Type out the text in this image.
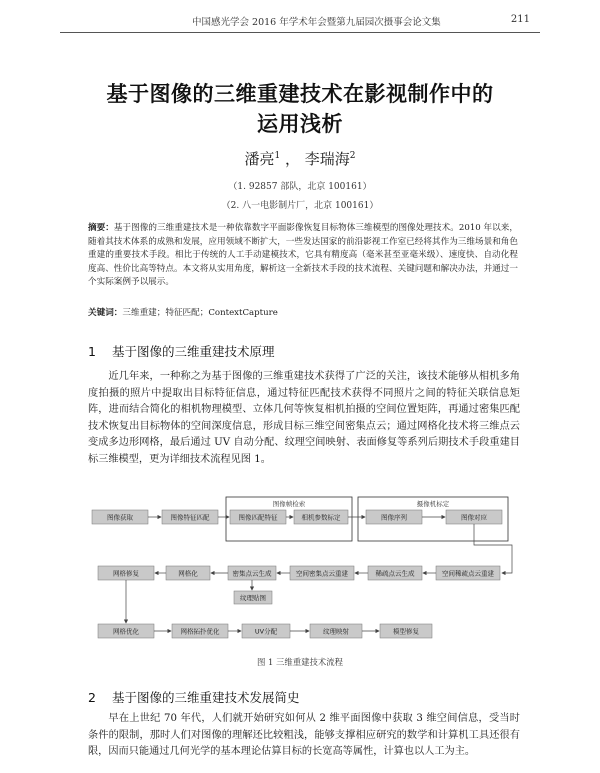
中国感光学会 2016 年学术年会暨第九届园次摄事会论文集	211
基于图像的三维重建技术在影视制作中的
运用浅析
潘亮$^1$ ， 李瑞海$^2$
（1. 92857 部队，北京 100161）
（2. 八一电影制片厂，北京 100161）
摘要：基于图像的三维重建技术是一种依靠数字平面影像恢复目标物体三维模型的图像处理技术。2010 年以来，随着其技术体系的成熟和发展，应用领域不断扩大，一些发达国家的前沿影视工作室已经将其作为三维场景和角色重建的重要技术手段。相比于传统的人工手动建模技术，它具有精度高（毫米甚至亚毫米级）、速度快、自动化程度高、性价比高等特点。本文将从实用角度，解析这一全新技术手段的技术流程、关键问题和解决办法，并通过一个实际案例予以展示。
关键词：三维重建；特征匹配；ContextCapture
1 基于图像的三维重建技术原理
近几年来，一种称之为基于图像的三维重建技术获得了广泛的关注，该技术能够从相机多角度拍摄的照片中提取出目标特征信息，通过特征匹配技术获得不同照片之间的特征关联信息矩阵，进而结合简化的相机物理模型、立体几何等恢复相机拍摄的空间位置矩阵，再通过密集匹配技术恢复出目标物体的空间深度信息，形成目标三维空间密集点云；通过网格化技术将三维点云变成多边形网格，最后通过 UV 自动分配、纹理空间映射、表面修复等系列后期技术手段重建目标三维模型，更为详细技术流程见图 1。
图像帧检索	摄像机标定
图像获取	图像特征匹配	图像匹配特征	相机参数标定	图像序列	图像对应
网格修复	网格化	密集点云生成	空间密集点云重建	稀疏点云生成	空间稀疏点云重建
纹理贴图
网格优化	网格拓扑优化	UV分配	纹理映射	模型修复
图 1 三维重建技术流程
2 基于图像的三维重建技术发展简史
早在上世纪 70 年代，人们就开始研究如何从 2 维平面图像中获取 3 维空间信息，受当时条件的限制，那时人们对图像的理解还比较粗浅，能够支撑相应研究的数学和计算机工具还很有限，因而只能通过几何光学的基本理论估算目标的长宽高等属性，计算也以人工为主。
